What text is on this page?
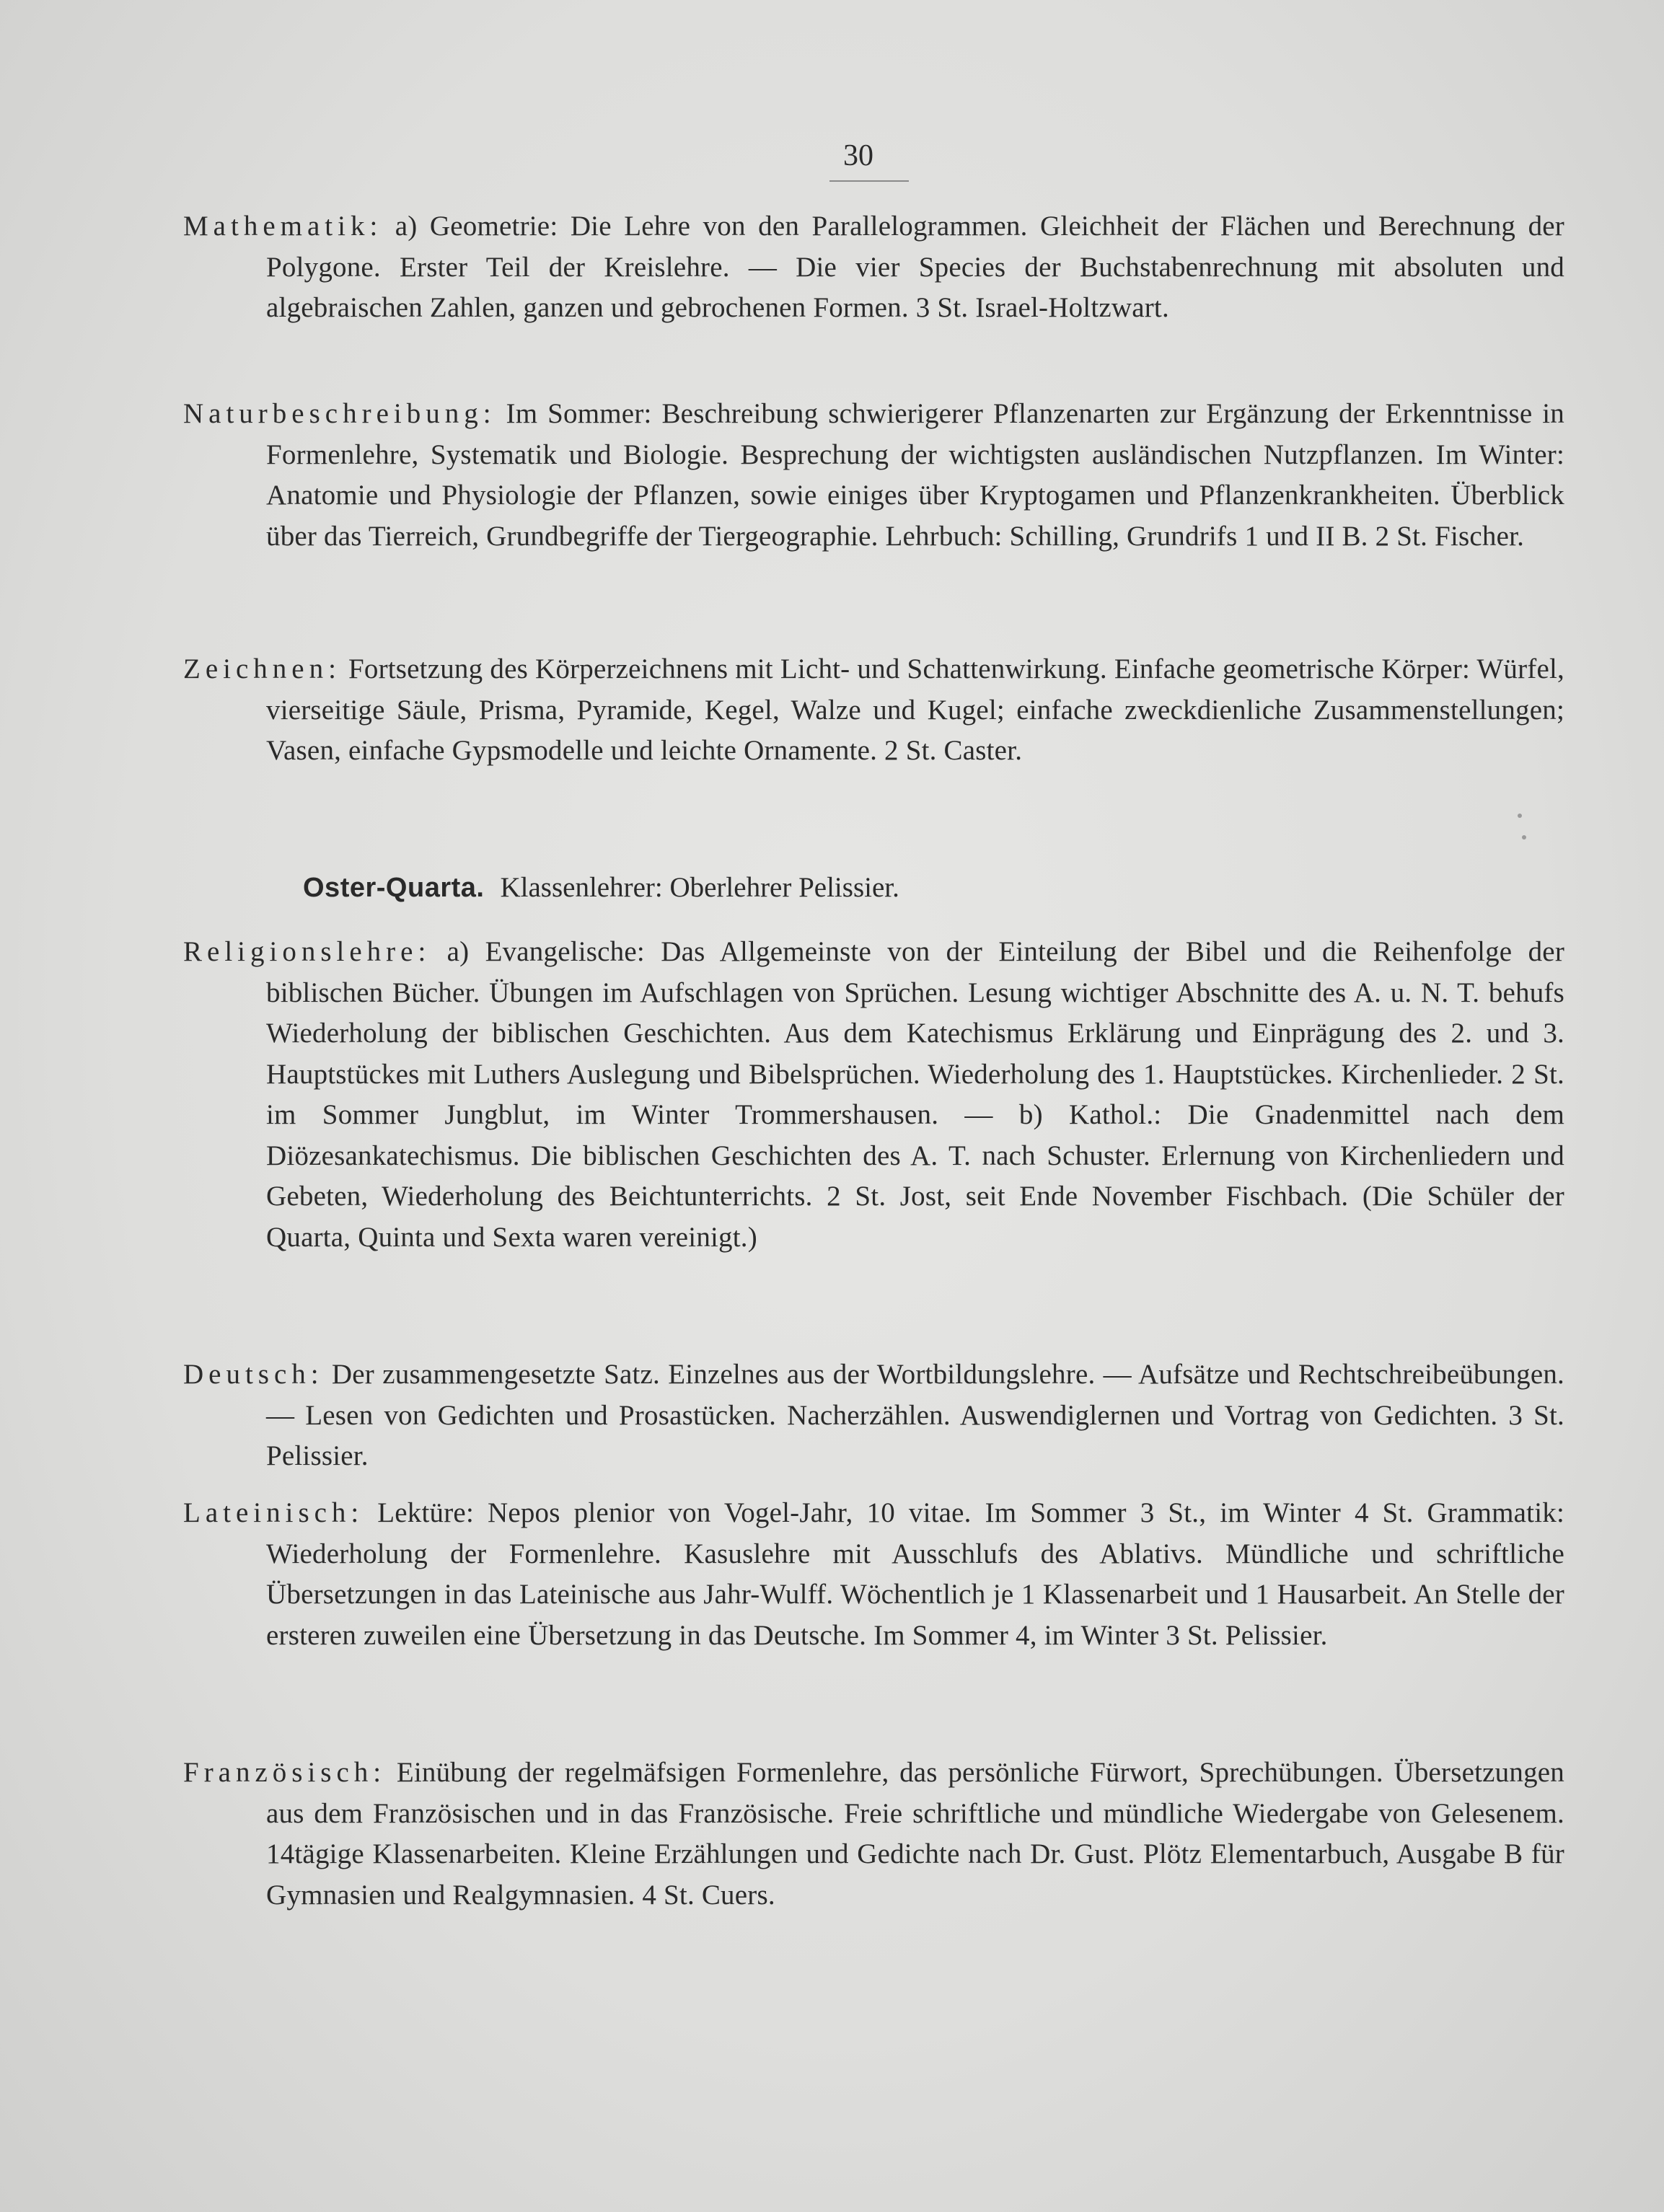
30

Mathematik: a) Geometrie: Die Lehre von den Parallelogrammen. Gleichheit der Flächen und Berechnung der Polygone. Erster Teil der Kreislehre. — Die vier Species der Buchstabenrechnung mit absoluten und algebraischen Zahlen, ganzen und gebrochenen Formen. 3 St. Israel-Holtzwart.

Naturbeschreibung: Im Sommer: Beschreibung schwierigerer Pflanzenarten zur Ergänzung der Erkenntnisse in Formenlehre, Systematik und Biologie. Besprechung der wichtigsten ausländischen Nutzpflanzen. Im Winter: Anatomie und Physiologie der Pflanzen, sowie einiges über Kryptogamen und Pflanzenkrankheiten. Überblick über das Tierreich, Grundbegriffe der Tiergeographie. Lehrbuch: Schilling, Grundrifs 1 und II B. 2 St. Fischer.

Zeichnen: Fortsetzung des Körperzeichnens mit Licht- und Schattenwirkung. Einfache geometrische Körper: Würfel, vierseitige Säule, Prisma, Pyramide, Kegel, Walze und Kugel; einfache zweckdienliche Zusammenstellungen; Vasen, einfache Gypsmodelle und leichte Ornamente. 2 St. Caster.

Oster-Quarta. Klassenlehrer: Oberlehrer Pelissier.

Religionslehre: a) Evangelische: Das Allgemeinste von der Einteilung der Bibel und die Reihenfolge der biblischen Bücher. Übungen im Aufschlagen von Sprüchen. Lesung wichtiger Abschnitte des A. u. N. T. behufs Wiederholung der biblischen Geschichten. Aus dem Katechismus Erklärung und Einprägung des 2. und 3. Hauptstückes mit Luthers Auslegung und Bibelsprüchen. Wiederholung des 1. Hauptstückes. Kirchenlieder. 2 St. im Sommer Jungblut, im Winter Trommershausen. — b) Kathol.: Die Gnadenmittel nach dem Diözesankatechismus. Die biblischen Geschichten des A. T. nach Schuster. Erlernung von Kirchenliedern und Gebeten, Wiederholung des Beichtunterrichts. 2 St. Jost, seit Ende November Fischbach. (Die Schüler der Quarta, Quinta und Sexta waren vereinigt.)

Deutsch: Der zusammengesetzte Satz. Einzelnes aus der Wortbildungslehre. — Aufsätze und Rechtschreibeübungen. — Lesen von Gedichten und Prosastücken. Nacherzählen. Auswendiglernen und Vortrag von Gedichten. 3 St. Pelissier.

Lateinisch: Lektüre: Nepos plenior von Vogel-Jahr, 10 vitae. Im Sommer 3 St., im Winter 4 St. Grammatik: Wiederholung der Formenlehre. Kasuslehre mit Ausschlufs des Ablativs. Mündliche und schriftliche Übersetzungen in das Lateinische aus Jahr-Wulff. Wöchentlich je 1 Klassenarbeit und 1 Hausarbeit. An Stelle der ersteren zuweilen eine Übersetzung in das Deutsche. Im Sommer 4, im Winter 3 St. Pelissier.

Französisch: Einübung der regelmäfsigen Formenlehre, das persönliche Fürwort, Sprechübungen. Übersetzungen aus dem Französischen und in das Französische. Freie schriftliche und mündliche Wiedergabe von Gelesenem. 14tägige Klassenarbeiten. Kleine Erzählungen und Gedichte nach Dr. Gust. Plötz Elementarbuch, Ausgabe B für Gymnasien und Realgymnasien. 4 St. Cuers.
